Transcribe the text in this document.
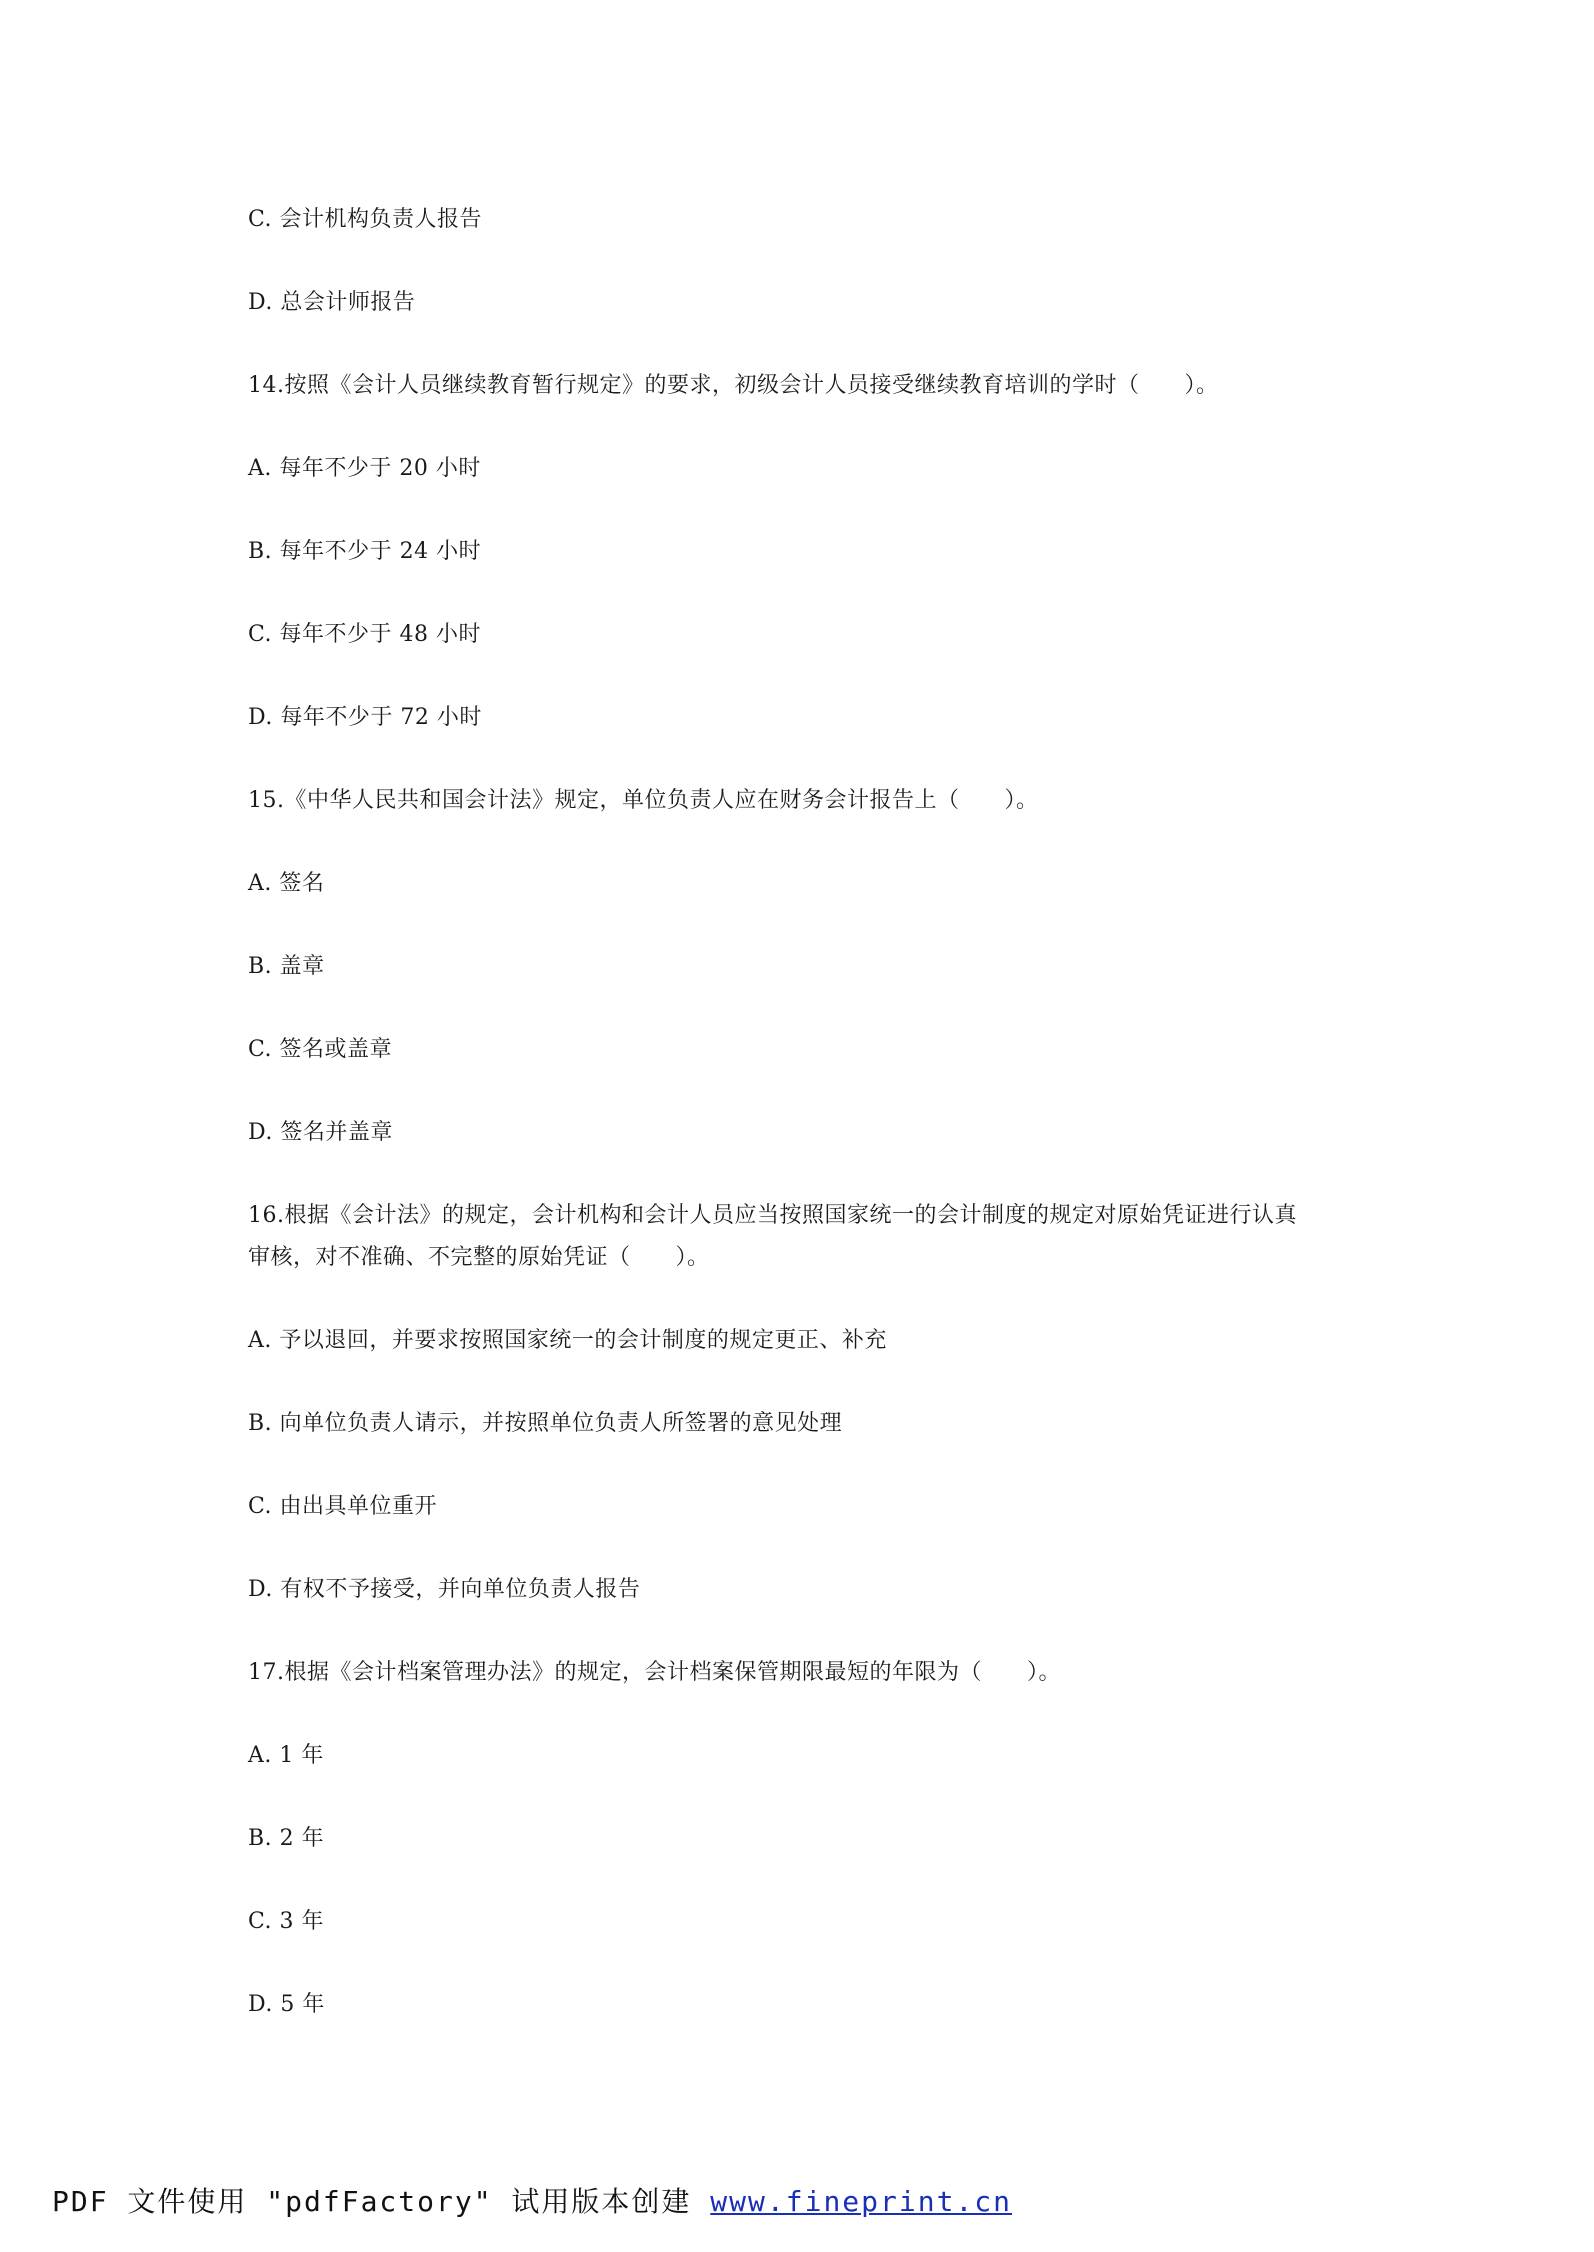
C. 会计机构负责人报告
D. 总会计师报告
14.按照《会计人员继续教育暂行规定》的要求，初级会计人员接受继续教育培训的学时（　　）。
A. 每年不少于 20 小时
B. 每年不少于 24 小时
C. 每年不少于 48 小时
D. 每年不少于 72 小时
15.《中华人民共和国会计法》规定，单位负责人应在财务会计报告上（　　）。
A. 签名
B. 盖章
C. 签名或盖章
D. 签名并盖章
16.根据《会计法》的规定，会计机构和会计人员应当按照国家统一的会计制度的规定对原始凭证进行认真
审核，对不准确、不完整的原始凭证（　　）。
A. 予以退回，并要求按照国家统一的会计制度的规定更正、补充
B. 向单位负责人请示，并按照单位负责人所签署的意见处理
C. 由出具单位重开
D. 有权不予接受，并向单位负责人报告
17.根据《会计档案管理办法》的规定，会计档案保管期限最短的年限为（　　）。
A. 1 年
B. 2 年
C. 3 年
D. 5 年
PDF 文件使用 "pdfFactory" 试用版本创建 www.fineprint.cn
